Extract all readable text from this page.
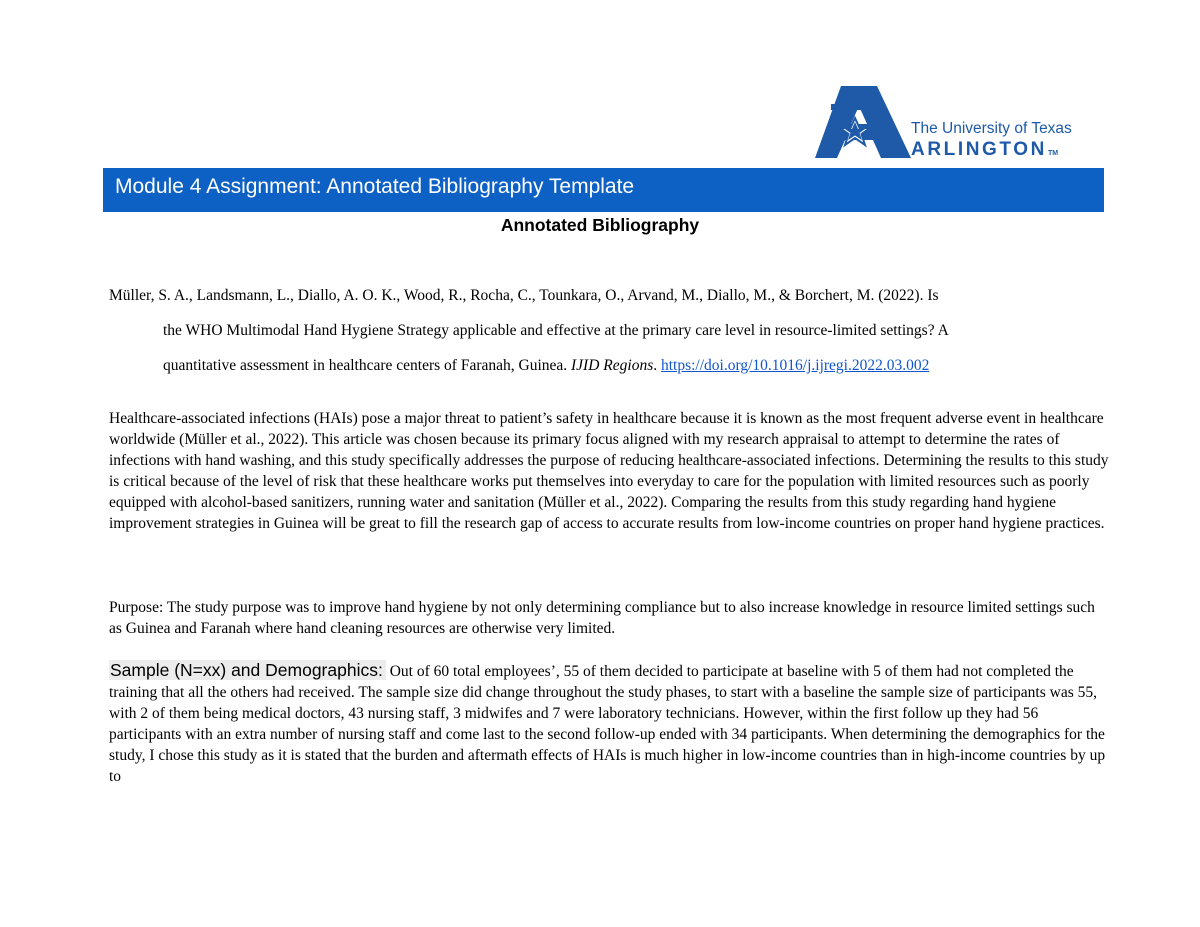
The University of Texas
ARLINGTONTM
Module 4 Assignment: Annotated Bibliography Template
Annotated Bibliography
Müller, S. A., Landsmann, L., Diallo, A. O. K., Wood, R., Rocha, C., Tounkara, O., Arvand, M., Diallo, M., & Borchert, M. (2022). Is
the WHO Multimodal Hand Hygiene Strategy applicable and effective at the primary care level in resource-limited settings? A
quantitative assessment in healthcare centers of Faranah, Guinea. IJID Regions. https://doi.org/10.1016/j.ijregi.2022.03.002

Healthcare-associated infections (HAIs) pose a major threat to patient’s safety in healthcare because it is known as the most frequent adverse event in healthcare worldwide (Müller et al., 2022). This article was chosen because its primary focus aligned with my research appraisal to attempt to determine the rates of infections with hand washing, and this study specifically addresses the purpose of reducing healthcare-associated infections. Determining the results to this study is critical because of the level of risk that these healthcare works put themselves into everyday to care for the population with limited resources such as poorly equipped with alcohol-based sanitizers, running water and sanitation (Müller et al., 2022). Comparing the results from this study regarding hand hygiene improvement strategies in Guinea will be great to fill the research gap of access to accurate results from low-income countries on proper hand hygiene practices.

Purpose: The study purpose was to improve hand hygiene by not only determining compliance but to also increase knowledge in resource limited settings such as Guinea and Faranah where hand cleaning resources are otherwise very limited.

Sample (N=xx) and Demographics: Out of 60 total employees’, 55 of them decided to participate at baseline with 5 of them had not completed the training that all the others had received. The sample size did change throughout the study phases, to start with a baseline the sample size of participants was 55, with 2 of them being medical doctors, 43 nursing staff, 3 midwifes and 7 were laboratory technicians. However, within the first follow up they had 56 participants with an extra number of nursing staff and come last to the second follow-up ended with 34 participants. When determining the demographics for the study, I chose this study as it is stated that the burden and aftermath effects of HAIs is much higher in low-income countries than in high-income countries by up to
